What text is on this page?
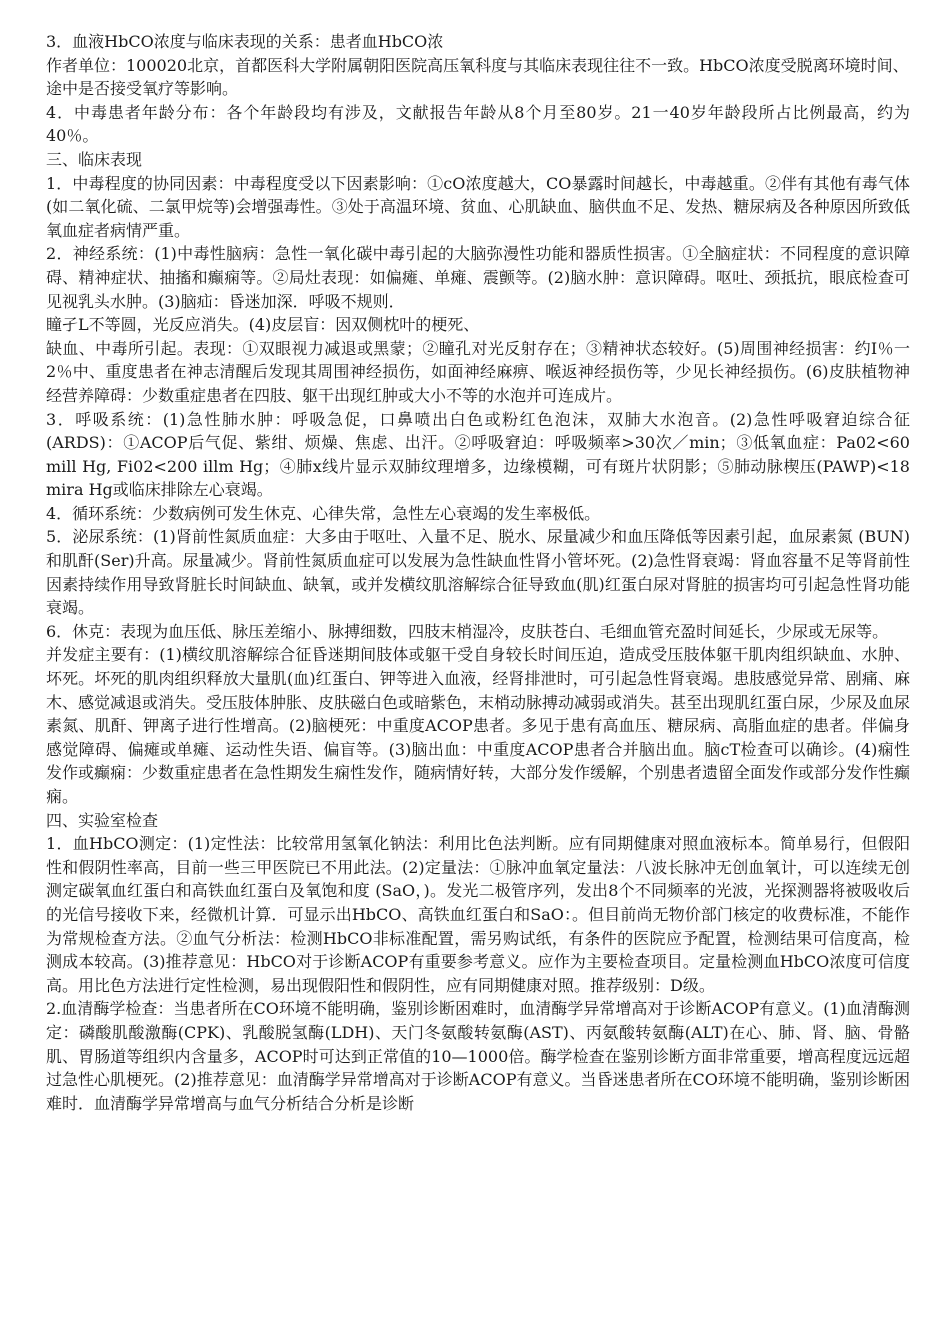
3．血液HbCO浓度与临床表现的关系：患者血HbCO浓

作者单位：100020北京，首都医科大学附属朝阳医院高压氧科度与其临床表现往往不一致。HbCO浓度受脱离环境时间、

途中是否接受氧疗等影响。

4．中毒患者年龄分布：各个年龄段均有涉及，文献报告年龄从8个月至80岁。21一40岁年龄段所占比例最高，约为40％。

三、临床表现

1．中毒程度的协同因素：中毒程度受以下因素影响：①cO浓度越大，CO暴露时间越长，中毒越重。②伴有其他有毒气体(如二氧化硫、二氯甲烷等)会增强毒性。③处于高温环境、贫血、心肌缺血、脑供血不足、发热、糖尿病及各种原因所致低氧血症者病情严重。

2．神经系统：(1)中毒性脑病：急性一氧化碳中毒引起的大脑弥漫性功能和器质性损害。①全脑症状：不同程度的意识障碍、精神症状、抽搐和癫痫等。②局灶表现：如偏瘫、单瘫、震颤等。(2)脑水肿：意识障碍。呕吐、颈抵抗，眼底检查可见视乳头水肿。(3)脑疝：昏迷加深．呼吸不规则．

瞳孑L不等圆，光反应消失。(4)皮层盲：因双侧枕叶的梗死、

缺血、中毒所引起。表现：①双眼视力减退或黑蒙；②瞳孔对光反射存在；③精神状态较好。(5)周围神经损害：约I％一2％中、重度患者在神志清醒后发现其周围神经损伤，如面神经麻痹、喉返神经损伤等，少见长神经损伤。(6)皮肤植物神经营养障碍：少数重症患者在四肢、躯干出现红肿或大小不等的水泡并可连成片。

3．呼吸系统：(1)急性肺水肿：呼吸急促，口鼻喷出白色或粉红色泡沫，双肺大水泡音。(2)急性呼吸窘迫综合征 (ARDS)：①ACOP后气促、紫绀、烦燥、焦虑、出汗。②呼吸窘迫：呼吸频率>30次／min；③低氧血症：Pa02<60 mill Hg, Fi02<200 illm Hg；④肺x线片显示双肺纹理增多，边缘模糊，可有斑片状阴影；⑤肺动脉楔压(PAWP)<18 mira Hg或临床排除左心衰竭。

4．循环系统：少数病例可发生休克、心律失常，急性左心衰竭的发生率极低。

5．泌尿系统：(1)肾前性氮质血症：大多由于呕吐、入量不足、脱水、尿量减少和血压降低等因素引起，血尿素氮 (BUN)和肌酐(Ser)升高。尿量减少。肾前性氮质血症可以发展为急性缺血性肾小管坏死。(2)急性肾衰竭：肾血容量不足等肾前性因素持续作用导致肾脏长时间缺血、缺氧，或并发横纹肌溶解综合征导致血(肌)红蛋白尿对肾脏的损害均可引起急性肾功能衰竭。

6．休克：表现为血压低、脉压差缩小、脉搏细数，四肢末梢湿冷，皮肤苍白、毛细血管充盈时间延长，少尿或无尿等。

并发症主要有：(1)横纹肌溶解综合征昏迷期间肢体或躯干受自身较长时间压迫，造成受压肢体躯干肌肉组织缺血、水肿、坏死。坏死的肌肉组织释放大量肌(血)红蛋白、钾等进入血液，经肾排泄时，可引起急性肾衰竭。患肢感觉异常、剧痛、麻木、感觉减退或消失。受压肢体肿胀、皮肤磁白色或暗紫色，末梢动脉搏动减弱或消失。甚至出现肌红蛋白尿，少尿及血尿素氮、肌酐、钾离子进行性增高。(2)脑梗死：中重度ACOP患者。多见于患有高血压、糖尿病、高脂血症的患者。伴偏身感觉障碍、偏瘫或单瘫、运动性失语、偏盲等。(3)脑出血：中重度ACOP患者合并脑出血。脑cT检查可以确诊。(4)痫性发作或癫痫：少数重症患者在急性期发生痫性发作，随病情好转，大部分发作缓解，个别患者遗留全面发作或部分发作性癫痫。

四、实验室检查

1．血HbCO测定：(1)定性法：比较常用氢氧化钠法：利用比色法判断。应有同期健康对照血液标本。简单易行，但假阳性和假阴性率高，目前一些三甲医院已不用此法。(2)定量法：①脉冲血氧定量法：八波长脉冲无创血氧计，可以连续无创测定碳氧血红蛋白和高铁血红蛋白及氧饱和度 (SaO，)。发光二极管序列，发出8个不同频率的光波，光探测器将被吸收后的光信号接收下来，经微机计算．可显示出HbCO、高铁血红蛋白和SaO：。但目前尚无物价部门核定的收费标准，不能作为常规检查方法。②血气分析法：检测HbCO非标准配置，需另购试纸，有条件的医院应予配置，检测结果可信度高，检测成本较高。(3)推荐意见：HbCO对于诊断ACOP有重要参考意义。应作为主要检查项目。定量检测血HbCO浓度可信度高。用比色方法进行定性检测，易出现假阳性和假阴性，应有同期健康对照。推荐级别：D级。

2.血清酶学检查：当患者所在CO环境不能明确，鉴别诊断困难时，血清酶学异常增高对于诊断ACOP有意义。(1)血清酶测定：磷酸肌酸激酶(CPK)、乳酸脱氢酶(LDH)、天门冬氨酸转氨酶(AST)、丙氨酸转氨酶(ALT)在心、肺、肾、脑、骨骼肌、胃肠道等组织内含量多，ACOP时可达到正常值的10—1000倍。酶学检查在鉴别诊断方面非常重要，增高程度远远超过急性心肌梗死。(2)推荐意见：血清酶学异常增高对于诊断ACOP有意义。当昏迷患者所在CO环境不能明确，鉴别诊断困难时．血清酶学异常增高与血气分析结合分析是诊断
